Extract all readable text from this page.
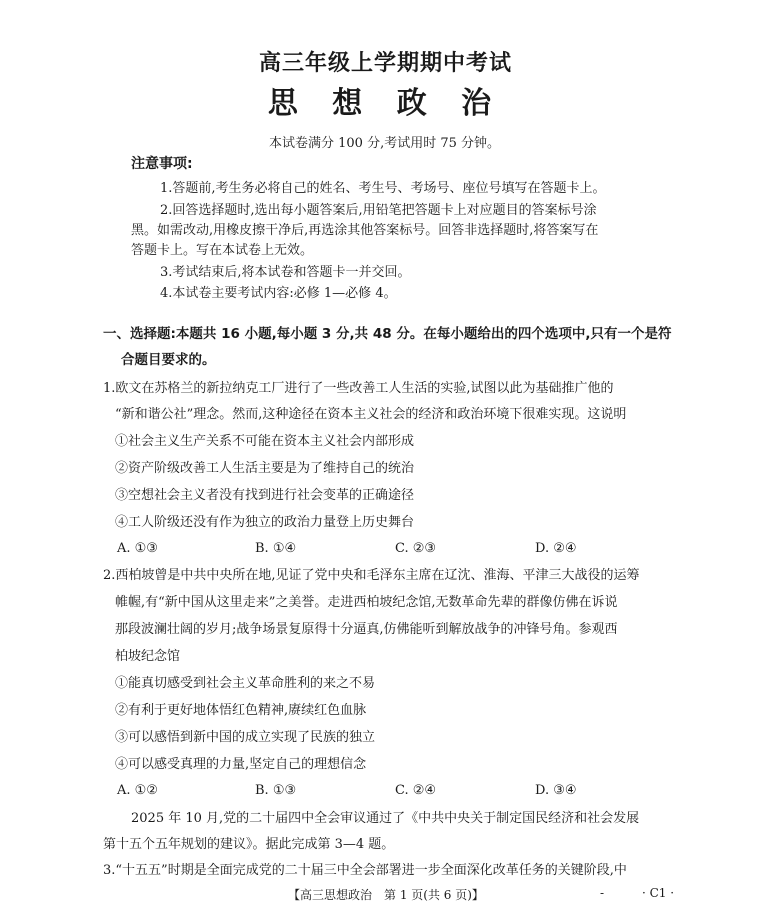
高三年级上学期期中考试
思 想 政 治
本试卷满分 100 分,考试用时 75 分钟。
注意事项:
1.答题前,考生务必将自己的姓名、考生号、考场号、座位号填写在答题卡上。
2.回答选择题时,选出每小题答案后,用铅笔把答题卡上对应题目的答案标号涂
黑。如需改动,用橡皮擦干净后,再选涂其他答案标号。回答非选择题时,将答案写在
答题卡上。写在本试卷上无效。
3.考试结束后,将本试卷和答题卡一并交回。
4.本试卷主要考试内容:必修 1—必修 4。
一、选择题:本题共 16 小题,每小题 3 分,共 48 分。在每小题给出的四个选项中,只有一个是符
合题目要求的。
1.欧文在苏格兰的新拉纳克工厂进行了一些改善工人生活的实验,试图以此为基础推广他的
“新和谐公社”理念。然而,这种途径在资本主义社会的经济和政治环境下很难实现。这说明
①社会主义生产关系不可能在资本主义社会内部形成
②资产阶级改善工人生活主要是为了维持自己的统治
③空想社会主义者没有找到进行社会变革的正确途径
④工人阶级还没有作为独立的政治力量登上历史舞台
A. ①③	B. ①④	C. ②③	D. ②④
2.西柏坡曾是中共中央所在地,见证了党中央和毛泽东主席在辽沈、淮海、平津三大战役的运筹
帷幄,有“新中国从这里走来”之美誉。走进西柏坡纪念馆,无数革命先辈的群像仿佛在诉说
那段波澜壮阔的岁月;战争场景复原得十分逼真,仿佛能听到解放战争的冲锋号角。参观西
柏坡纪念馆
①能真切感受到社会主义革命胜利的来之不易
②有利于更好地体悟红色精神,赓续红色血脉
③可以感悟到新中国的成立实现了民族的独立
④可以感受真理的力量,坚定自己的理想信念
A. ①②	B. ①③	C. ②④	D. ③④
2025 年 10 月,党的二十届四中全会审议通过了《中共中央关于制定国民经济和社会发展
第十五个五年规划的建议》。据此完成第 3—4 题。
3.“十五五”时期是全面完成党的二十届三中全会部署进一步全面深化改革任务的关键阶段,中
【高三思想政治　第 1 页(共 6 页)】	-	· C1 ·
